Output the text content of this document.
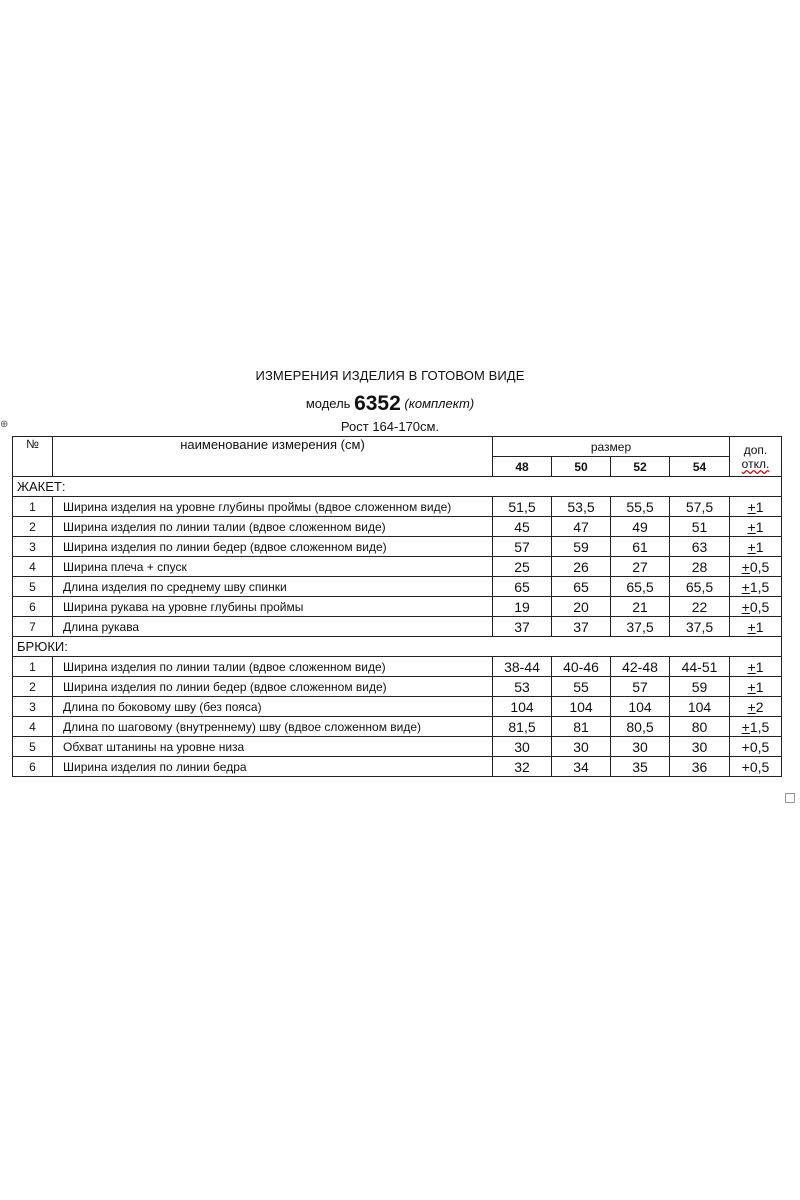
ИЗМЕРЕНИЯ ИЗДЕЛИЯ В ГОТОВОМ ВИДЕ
модель 6352 (комплект)
Рост 164-170см.
⊕
№	наименование измерения (см)	размер				доп.
откл.
		48	50	52	54	
ЖАКЕТ:						
1	Ширина изделия на уровне глубины проймы (вдвое сложенном виде)	51,5	53,5	55,5	57,5	+1
2	Ширина изделия по линии талии (вдвое сложенном виде)	45	47	49	51	+1
3	Ширина изделия по линии бедер (вдвое сложенном виде)	57	59	61	63	+1
4	Ширина плеча + спуск	25	26	27	28	+0,5
5	Длина изделия по среднему шву спинки	65	65	65,5	65,5	+1,5
6	Ширина рукава на уровне глубины проймы	19	20	21	22	+0,5
7	Длина рукава	37	37	37,5	37,5	+1
БРЮКИ:						
1	Ширина изделия по линии талии (вдвое сложенном виде)	38-44	40-46	42-48	44-51	+1
2	Ширина изделия по линии бедер (вдвое сложенном виде)	53	55	57	59	+1
3	Длина по боковому шву (без пояса)	104	104	104	104	+2
4	Длина по шаговому (внутреннему) шву (вдвое сложенном виде)	81,5	81	80,5	80	+1,5
5	Обхват штанины на уровне низа	30	30	30	30	+0,5
6	Ширина изделия по линии бедра	32	34	35	36	+0,5
